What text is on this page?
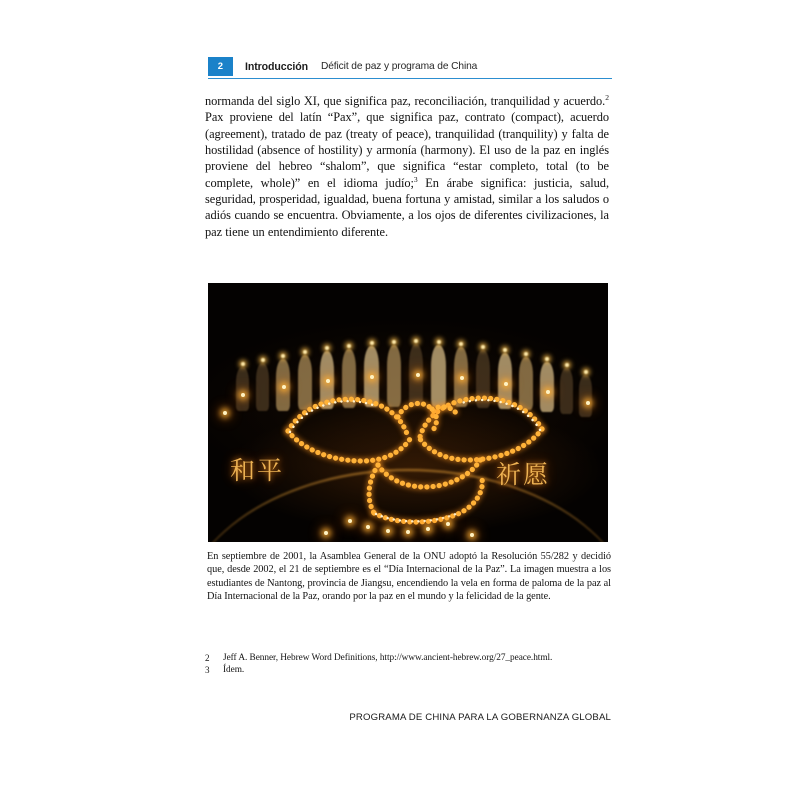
2	Introducción Déficit de paz y programa de China
normanda del siglo XI, que significa paz, reconciliación, tranquilidad y acuerdo.$^2$ Pax proviene del latín “Pax”, que significa paz, contrato (compact), acuerdo (agreement), tratado de paz (treaty of peace), tranquilidad (tranquility) y falta de hostilidad (absence of hostility) y armonía (harmony). El uso de la paz en inglés proviene del hebreo “shalom”, que significa “estar completo, total (to be complete, whole)” en el idioma judío;$^3$ En árabe significa: justicia, salud, seguridad, prosperidad, igualdad, buena fortuna y amistad, similar a los saludos o adiós cuando se encuentra. Obviamente, a los ojos de diferentes civilizaciones, la paz tiene un entendimiento diferente.
和平	祈愿
En septiembre de 2001, la Asamblea General de la ONU adoptó la Resolución 55/282 y decidió que, desde 2002, el 21 de septiembre es el “Día Internacional de la Paz”. La imagen muestra a los estudiantes de Nantong, provincia de Jiangsu, encendiendo la vela en forma de paloma de la paz al Día Internacional de la Paz, orando por la paz en el mundo y la felicidad de la gente.
2	Jeff A. Benner, Hebrew Word Definitions, http://www.ancient-hebrew.org/27_peace.html.
3	Ídem.
PROGRAMA DE CHINA PARA LA GOBERNANZA GLOBAL
